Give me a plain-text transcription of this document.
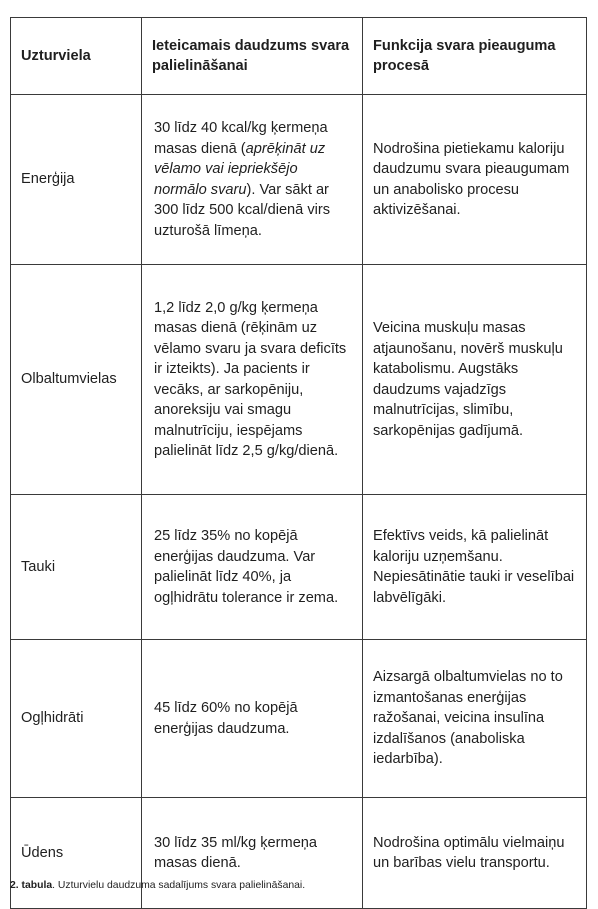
Uzturviela	Ieteicamais daudzums svara palielināšanai	Funkcija svara pieauguma procesā
Enerģija	30 līdz 40 kcal/kg ķermeņa masas dienā (aprēķināt uz vēlamo vai iepriekšējo normālo svaru). Var sākt ar 300 līdz 500 kcal/dienā virs uzturošā līmeņa.	Nodrošina pietiekamu kaloriju daudzumu svara pieaugumam un anabolisko procesu aktivizēšanai.
Olbaltumvielas	1,2 līdz 2,0 g/kg ķermeņa masas dienā (rēķinām uz vēlamo svaru ja svara deficīts ir izteikts). Ja pacients ir vecāks, ar sarkopēniju, anoreksiju vai smagu malnutrīciju, iespējams palielināt līdz 2,5 g/kg/dienā.	Veicina muskuļu masas atjaunošanu, novērš muskuļu katabolismu. Augstāks daudzums vajadzīgs malnutrīcijas, slimību, sarkopēnijas gadījumā.
Tauki	25 līdz 35% no kopējā enerģijas daudzuma. Var palielināt līdz 40%, ja ogļhidrātu tolerance ir zema.	Efektīvs veids, kā palielināt kaloriju uzņemšanu. Nepiesātinātie tauki ir veselībai labvēlīgāki.
Ogļhidrāti	45 līdz 60% no kopējā enerģijas daudzuma.	Aizsargā olbaltumvielas no to izmantošanas enerģijas ražošanai, veicina insulīna izdalīšanos (anaboliska iedarbība).
Ūdens	30 līdz 35 ml/kg ķermeņa masas dienā.	Nodrošina optimālu vielmaiņu un barības vielu transportu.
2. tabula. Uzturvielu daudzuma sadalījums svara palielināšanai.
